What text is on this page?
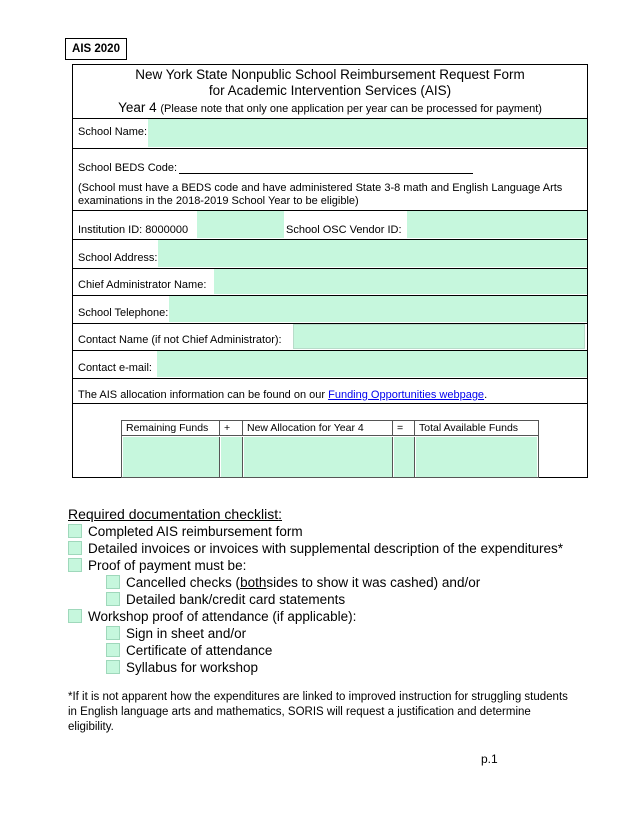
AIS 2020
New York State Nonpublic School Reimbursement Request Form
for Academic Intervention Services (AIS)
Year 4 (Please note that only one application per year can be processed for payment)
School Name:
School BEDS Code:
(School must have a BEDS code and have administered State 3-8 math and English Language Arts examinations in the 2018-2019 School Year to be eligible)
Institution ID: 8000000	School OSC Vendor ID:
School Address:
Chief Administrator Name:
School Telephone:
Contact Name (if not Chief Administrator):
Contact e-mail:
The AIS allocation information can be found on our Funding Opportunities webpage.
Remaining Funds	+	New Allocation for Year 4	=	Total Available Funds
Required documentation checklist:
Completed AIS reimbursement form
Detailed invoices or invoices with supplemental description of the expenditures*
Proof of payment must be:
Cancelled checks ( both sides to show it was cashed) and/or
Detailed bank/credit card statements
Workshop proof of attendance (if applicable):
Sign in sheet and/or
Certificate of attendance
Syllabus for workshop
*If it is not apparent how the expenditures are linked to improved instruction for struggling students in English language arts and mathematics, SORIS will request a justification and determine eligibility.
p.1
